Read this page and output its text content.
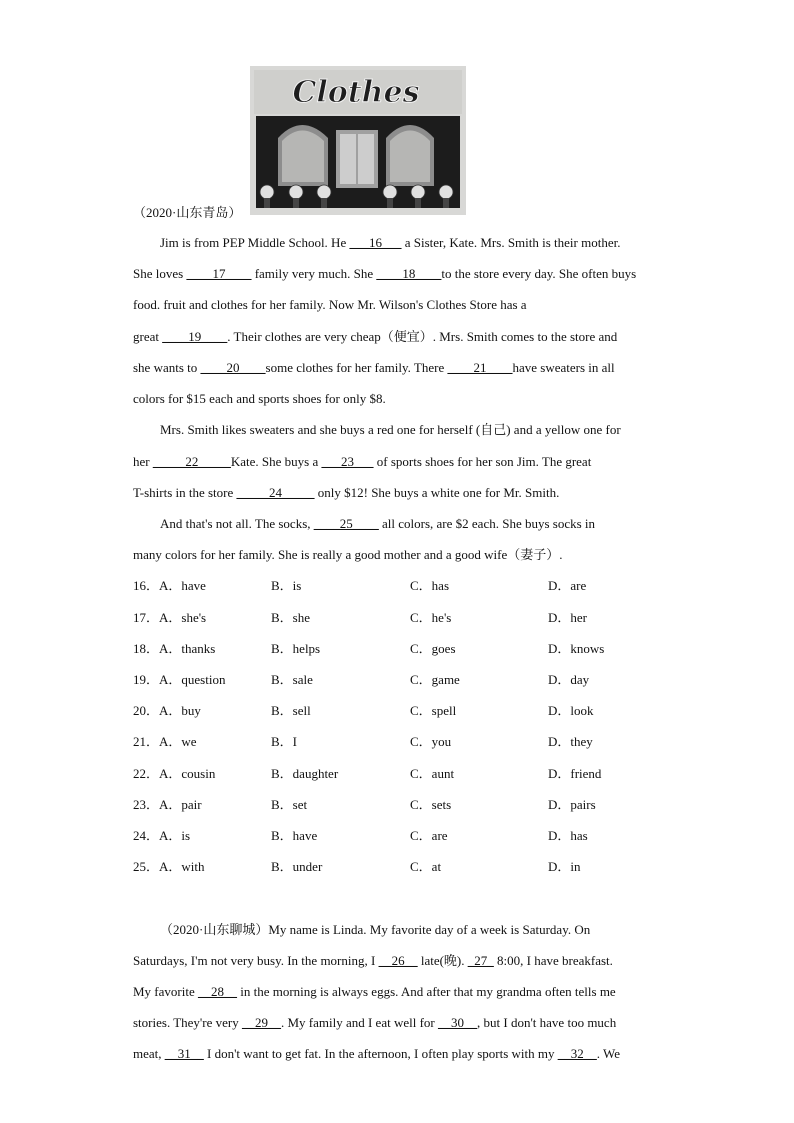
Clothes
（2020·山东青岛）
Jim is from PEP Middle School. He ___16___ a Sister, Kate. Mrs. Smith is their mother.
She loves ____17____ family very much. She ____18____to the store every day. She often buys
food. fruit and clothes for her family. Now Mr. Wilson's Clothes Store has a
great ____19____. Their clothes are very cheap（便宜）. Mrs. Smith comes to the store and
she wants to ____20____some clothes for her family. There ____21____have sweaters in all
colors for $15 each and sports shoes for only $8.
Mrs. Smith likes sweaters and she buys a red one for herself (自己) and a yellow one for
her _____22_____Kate. She buys a ___23___ of sports shoes for her son Jim. The great
T-shirts in the store _____24_____ only $12! She buys a white one for Mr. Smith.
And that's not all. The socks, ____25____ all colors, are $2 each. She buys socks in
many colors for her family. She is really a good mother and a good wife（妻子）.
16．A．have	B．is	C．has	D．are
17．A．she's	B．she	C．he's	D．her
18．A．thanks	B．helps	C．goes	D．knows
19．A．question	B．sale	C．game	D．day
20．A．buy	B．sell	C．spell	D．look
21．A．we	B．I	C．you	D．they
22．A．cousin	B．daughter	C．aunt	D．friend
23．A．pair	B．set	C．sets	D．pairs
24．A．is	B．have	C．are	D．has
25．A．with	B．under	C．at	D．in
（2020·山东聊城）My name is Linda. My favorite day of a week is Saturday. On
Saturdays, I'm not very busy. In the morning, I __26__ late(晚). _27_ 8:00, I have breakfast.
My favorite __28__ in the morning is always eggs. And after that my grandma often tells me
stories. They're very __29__. My family and I eat well for __30__, but I don't have too much
meat, __31__ I don't want to get fat. In the afternoon, I often play sports with my __32__. We
